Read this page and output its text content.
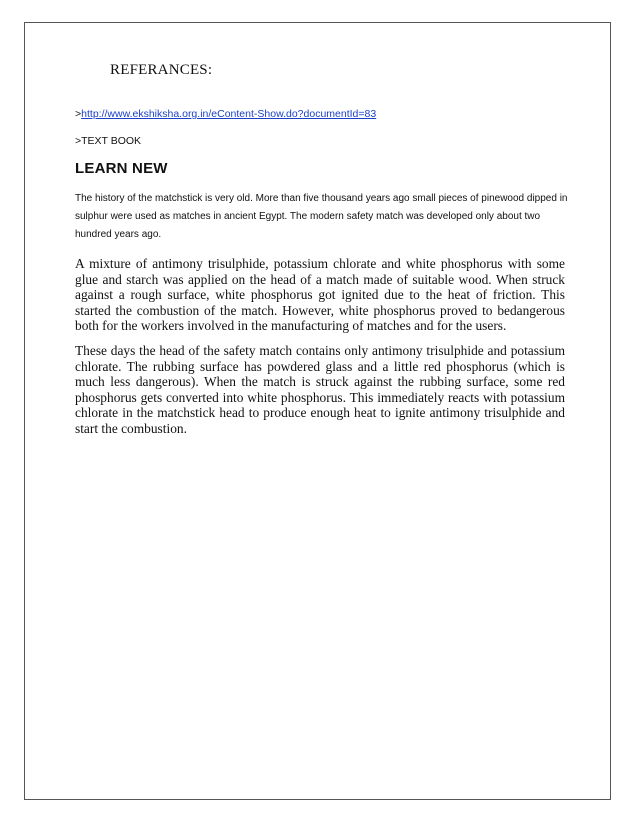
REFERANCES:

>http://www.ekshiksha.org.in/eContent-Show.do?documentId=83

>TEXT BOOK

LEARN NEW

The history of the matchstick is very old. More than five thousand years ago small pieces of pinewood dipped in sulphur were used as matches in ancient Egypt. The modern safety match was developed only about two hundred years ago.

A mixture of antimony trisulphide, potassium chlorate and white phosphorus with some glue and starch was applied on the head of a match made of suitable wood. When struck against a rough surface, white phosphorus got ignited due to the heat of friction. This started the combustion of the match. However, white phosphorus proved to bedangerous both for the workers involved in the manufacturing of matches and for the users.

These days the head of the safety match contains only antimony trisulphide and potassium chlorate. The rubbing surface has powdered glass and a little red phosphorus (which is much less dangerous). When the match is struck against the rubbing surface, some red phosphorus gets converted into white phosphorus. This immediately reacts with potassium chlorate in the matchstick head to produce enough heat to ignite antimony trisulphide and start the combustion.
